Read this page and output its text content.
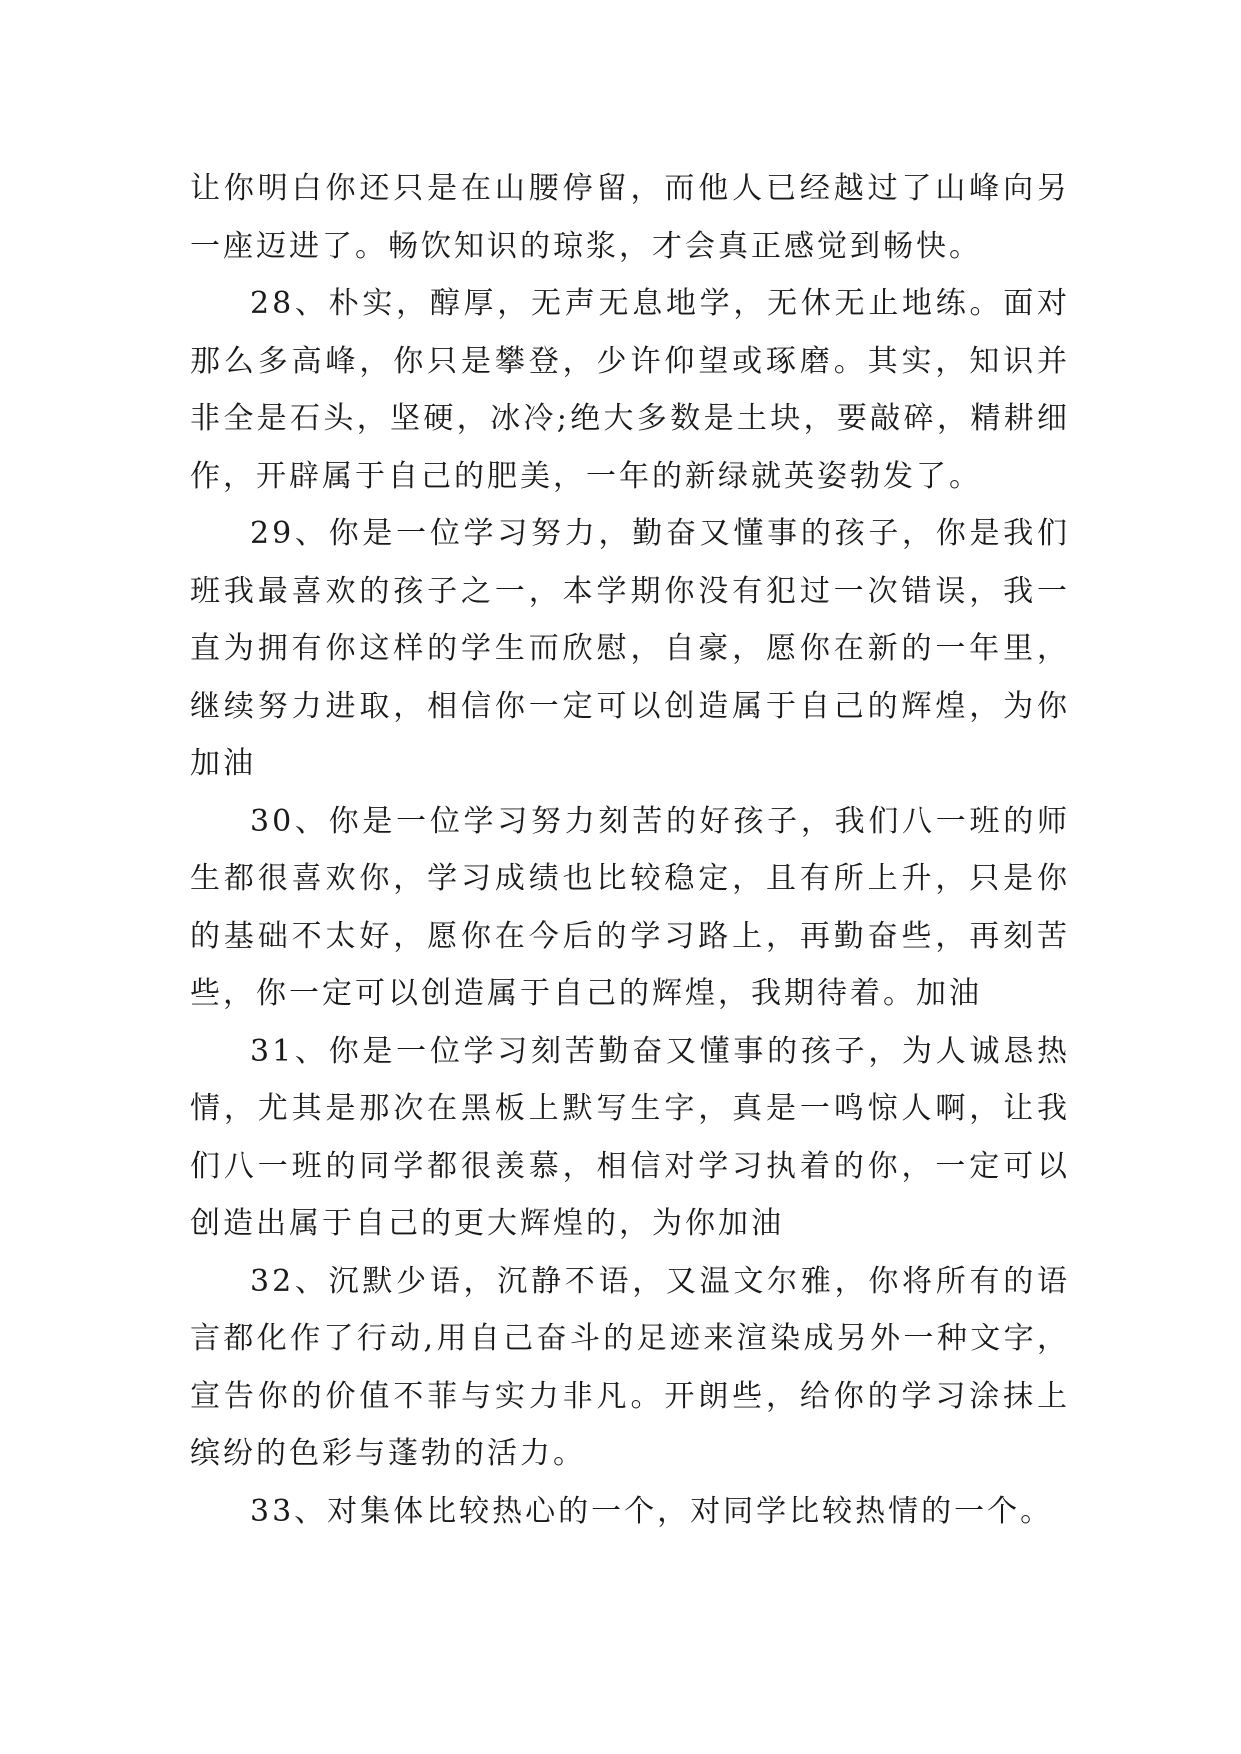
让你明白你还只是在山腰停留，而他人已经越过了山峰向另一座迈进了。畅饮知识的琼浆，才会真正感觉到畅快。

28、朴实，醇厚，无声无息地学，无休无止地练。面对那么多高峰，你只是攀登，少许仰望或琢磨。其实，知识并非全是石头，坚硬，冰冷;绝大多数是土块，要敲碎，精耕细作，开辟属于自己的肥美，一年的新绿就英姿勃发了。

29、你是一位学习努力，勤奋又懂事的孩子，你是我们班我最喜欢的孩子之一，本学期你没有犯过一次错误，我一直为拥有你这样的学生而欣慰，自豪，愿你在新的一年里，继续努力进取，相信你一定可以创造属于自己的辉煌，为你加油

30、你是一位学习努力刻苦的好孩子，我们八一班的师生都很喜欢你，学习成绩也比较稳定，且有所上升，只是你的基础不太好，愿你在今后的学习路上，再勤奋些，再刻苦些，你一定可以创造属于自己的辉煌，我期待着。加油

31、你是一位学习刻苦勤奋又懂事的孩子，为人诚恳热情，尤其是那次在黑板上默写生字，真是一鸣惊人啊，让我们八一班的同学都很羡慕，相信对学习执着的你，一定可以创造出属于自己的更大辉煌的，为你加油

32、沉默少语，沉静不语，又温文尔雅，你将所有的语言都化作了行动,用自己奋斗的足迹来渲染成另外一种文字，宣告你的价值不菲与实力非凡。开朗些，给你的学习涂抹上缤纷的色彩与蓬勃的活力。

33、对集体比较热心的一个，对同学比较热情的一个。
